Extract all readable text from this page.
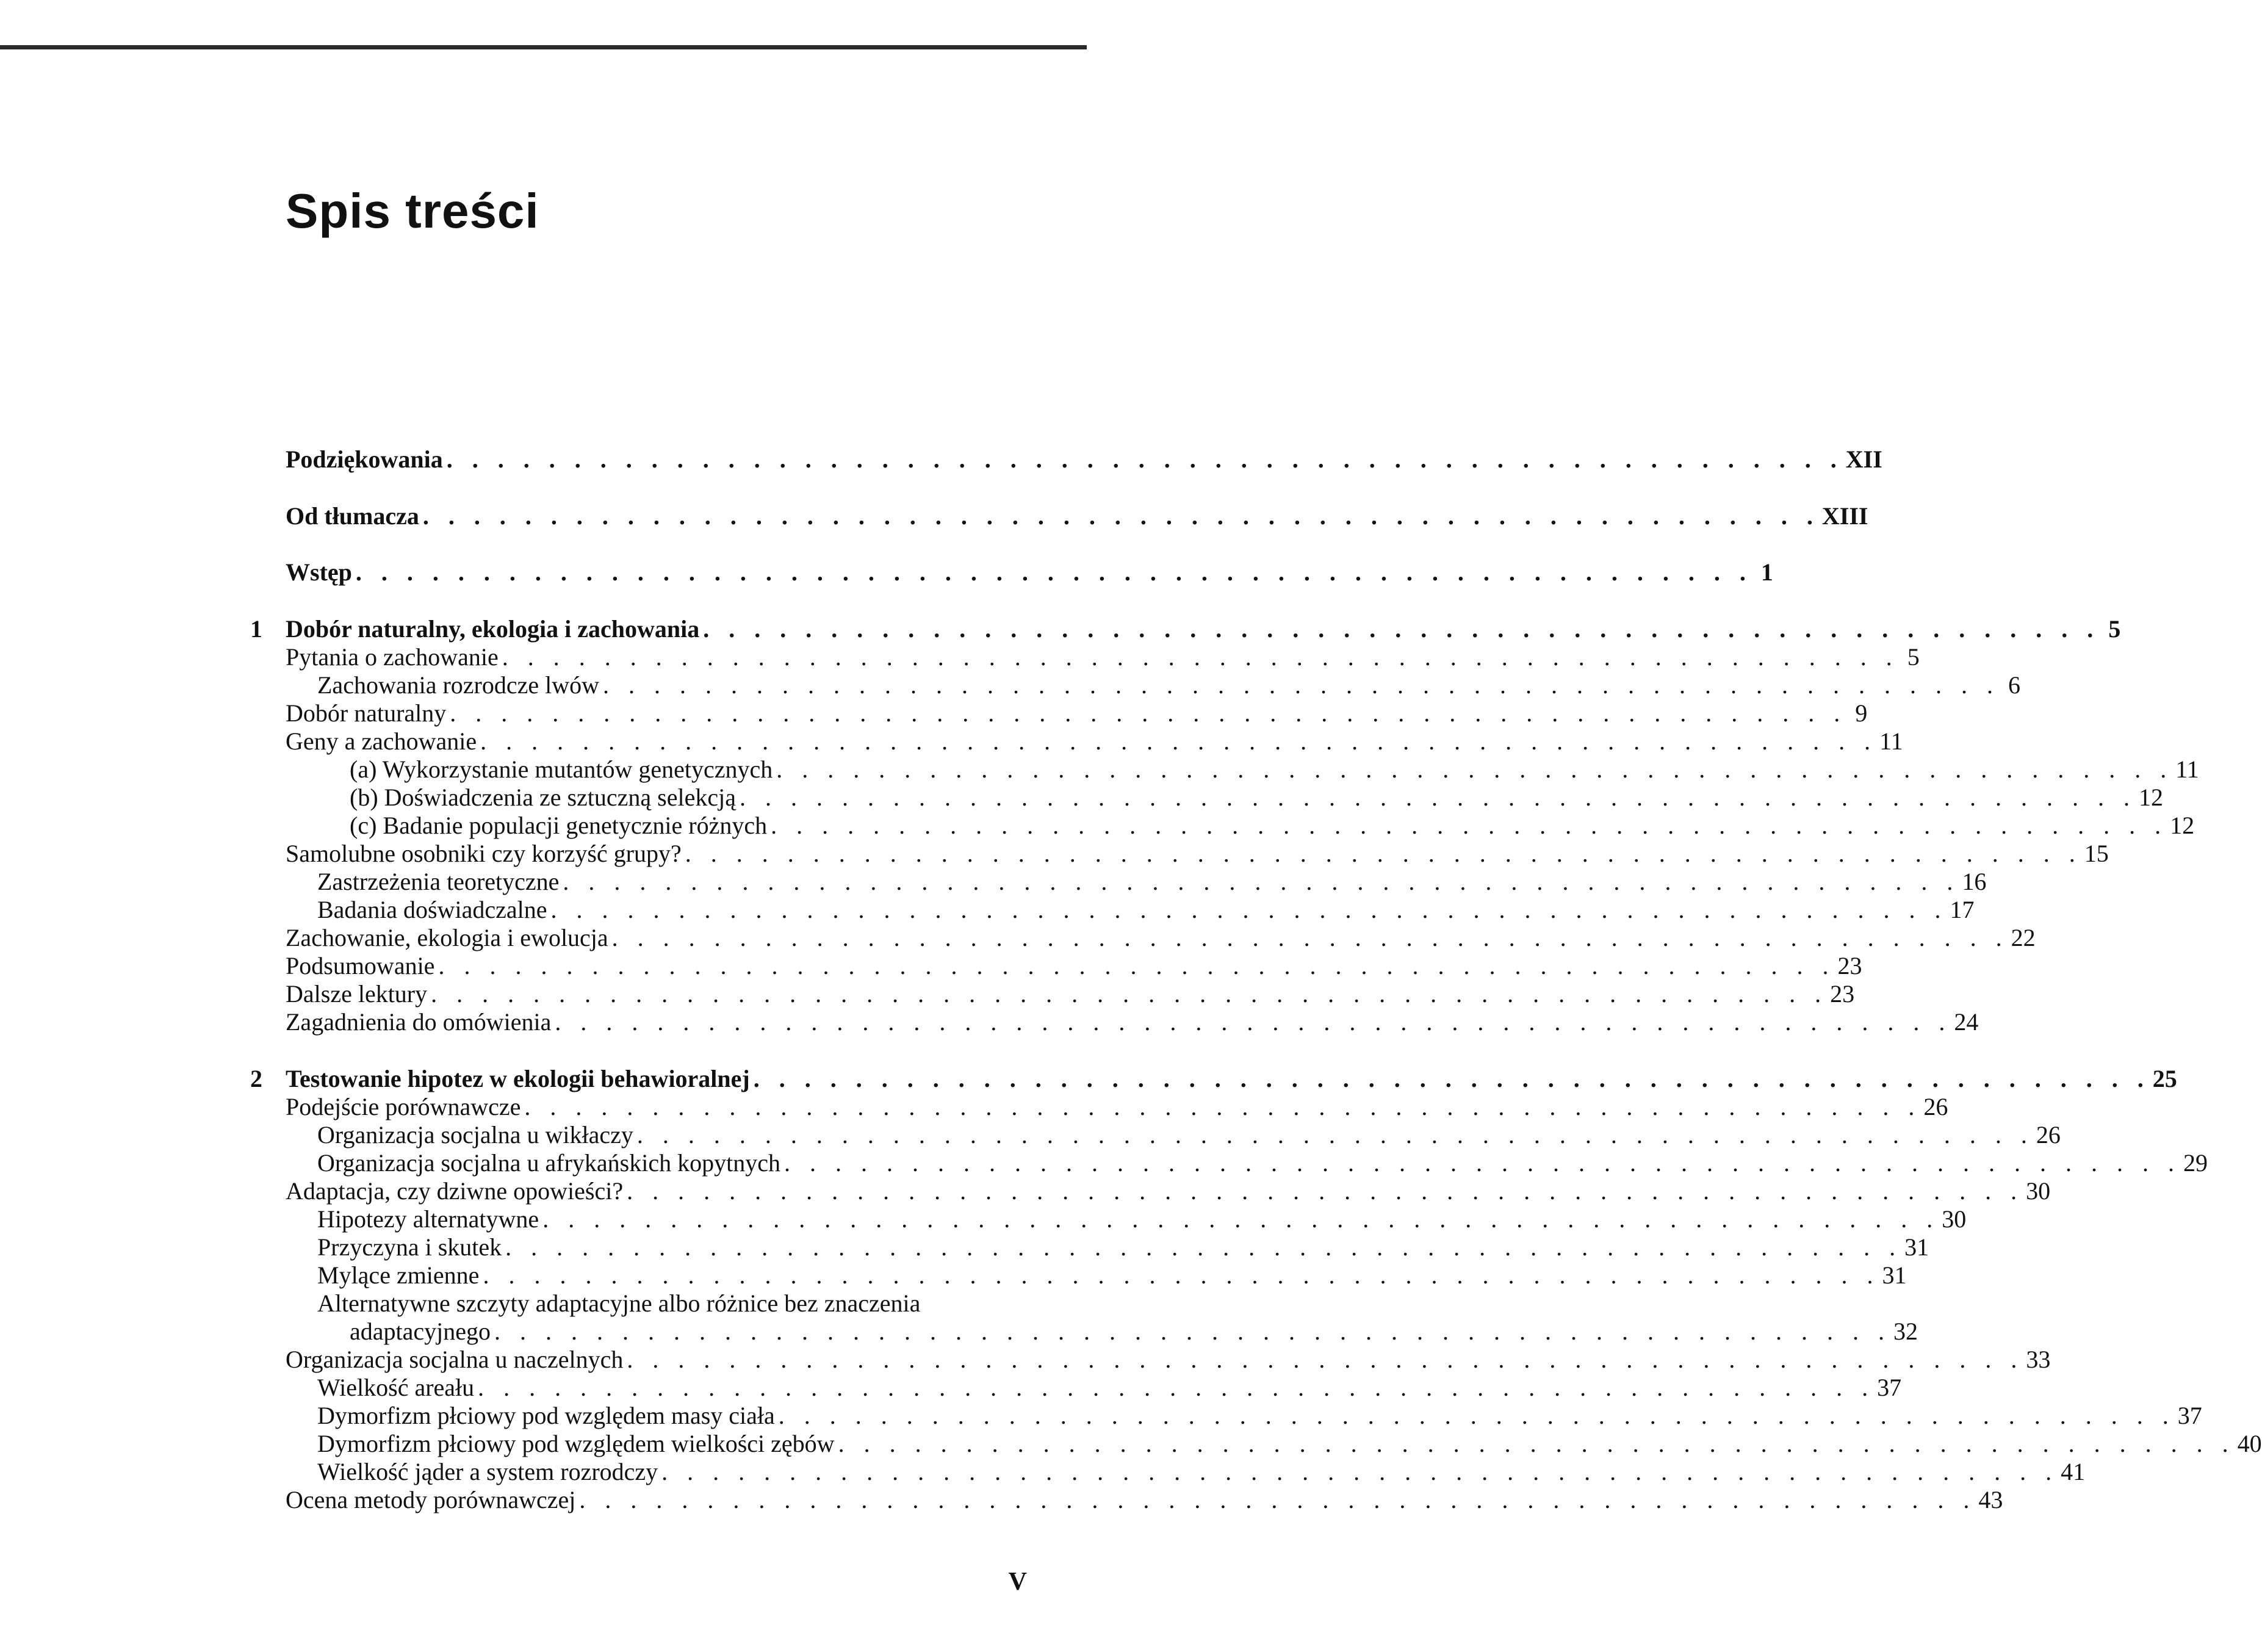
Spis treści
Podziękowania . . . . . . . . . . . . . . . . . . . . . . . . . . . . . . . . . . . . . . . . . . . . . . . . . . . . . . . XII
Od tłumacza . . . . . . . . . . . . . . . . . . . . . . . . . . . . . . . . . . . . . . . . . . . . . . . . . . . . . . . XIII
Wstęp . . . . . . . . . . . . . . . . . . . . . . . . . . . . . . . . . . . . . . . . . . . . . . . . . . . . . . . 1
1 Dobór naturalny, ekologia i zachowania . . . . . . . . . . . . . . . . . . . . . . . . . . . . . . . . . . . . . . . . . . . . . . . . . . . . . . . 5
Pytania o zachowanie . . . . . . . . . . . . . . . . . . . . . . . . . . . . . . . . . . . . . . . . . . . . . . . . . . . . . . . 5
Zachowania rozrodcze lwów . . . . . . . . . . . . . . . . . . . . . . . . . . . . . . . . . . . . . . . . . . . . . . . . . . . . . . . 6
Dobór naturalny . . . . . . . . . . . . . . . . . . . . . . . . . . . . . . . . . . . . . . . . . . . . . . . . . . . . . . . 9
Geny a zachowanie . . . . . . . . . . . . . . . . . . . . . . . . . . . . . . . . . . . . . . . . . . . . . . . . . . . . . . . 11
(a) Wykorzystanie mutantów genetycznych . . . . . . . . . . . . . . . . . . . . . . . . . . . . . . . . . . . . . . . . . . . . . . . . . . . . . . . 11
(b) Doświadczenia ze sztuczną selekcją . . . . . . . . . . . . . . . . . . . . . . . . . . . . . . . . . . . . . . . . . . . . . . . . . . . . . . . 12
(c) Badanie populacji genetycznie różnych . . . . . . . . . . . . . . . . . . . . . . . . . . . . . . . . . . . . . . . . . . . . . . . . . . . . . . . 12
Samolubne osobniki czy korzyść grupy? . . . . . . . . . . . . . . . . . . . . . . . . . . . . . . . . . . . . . . . . . . . . . . . . . . . . . . . 15
Zastrzeżenia teoretyczne . . . . . . . . . . . . . . . . . . . . . . . . . . . . . . . . . . . . . . . . . . . . . . . . . . . . . . . 16
Badania doświadczalne . . . . . . . . . . . . . . . . . . . . . . . . . . . . . . . . . . . . . . . . . . . . . . . . . . . . . . . 17
Zachowanie, ekologia i ewolucja . . . . . . . . . . . . . . . . . . . . . . . . . . . . . . . . . . . . . . . . . . . . . . . . . . . . . . . 22
Podsumowanie . . . . . . . . . . . . . . . . . . . . . . . . . . . . . . . . . . . . . . . . . . . . . . . . . . . . . . . 23
Dalsze lektury . . . . . . . . . . . . . . . . . . . . . . . . . . . . . . . . . . . . . . . . . . . . . . . . . . . . . . . 23
Zagadnienia do omówienia . . . . . . . . . . . . . . . . . . . . . . . . . . . . . . . . . . . . . . . . . . . . . . . . . . . . . . . 24
2 Testowanie hipotez w ekologii behawioralnej . . . . . . . . . . . . . . . . . . . . . . . . . . . . . . . . . . . . . . . . . . . . . . . . . . . . . . . 25
Podejście porównawcze . . . . . . . . . . . . . . . . . . . . . . . . . . . . . . . . . . . . . . . . . . . . . . . . . . . . . . . 26
Organizacja socjalna u wikłaczy . . . . . . . . . . . . . . . . . . . . . . . . . . . . . . . . . . . . . . . . . . . . . . . . . . . . . . . 26
Organizacja socjalna u afrykańskich kopytnych . . . . . . . . . . . . . . . . . . . . . . . . . . . . . . . . . . . . . . . . . . . . . . . . . . . . . . . 29
Adaptacja, czy dziwne opowieści? . . . . . . . . . . . . . . . . . . . . . . . . . . . . . . . . . . . . . . . . . . . . . . . . . . . . . . . 30
Hipotezy alternatywne . . . . . . . . . . . . . . . . . . . . . . . . . . . . . . . . . . . . . . . . . . . . . . . . . . . . . . . 30
Przyczyna i skutek . . . . . . . . . . . . . . . . . . . . . . . . . . . . . . . . . . . . . . . . . . . . . . . . . . . . . . . 31
Mylące zmienne . . . . . . . . . . . . . . . . . . . . . . . . . . . . . . . . . . . . . . . . . . . . . . . . . . . . . . . 31
Alternatywne szczyty adaptacyjne albo różnice bez znaczenia
adaptacyjnego . . . . . . . . . . . . . . . . . . . . . . . . . . . . . . . . . . . . . . . . . . . . . . . . . . . . . . . 32
Organizacja socjalna u naczelnych . . . . . . . . . . . . . . . . . . . . . . . . . . . . . . . . . . . . . . . . . . . . . . . . . . . . . . . 33
Wielkość areału . . . . . . . . . . . . . . . . . . . . . . . . . . . . . . . . . . . . . . . . . . . . . . . . . . . . . . . 37
Dymorfizm płciowy pod względem masy ciała . . . . . . . . . . . . . . . . . . . . . . . . . . . . . . . . . . . . . . . . . . . . . . . . . . . . . . . 37
Dymorfizm płciowy pod względem wielkości zębów . . . . . . . . . . . . . . . . . . . . . . . . . . . . . . . . . . . . . . . . . . . . . . . . . . . . . . . 40
Wielkość jąder a system rozrodczy . . . . . . . . . . . . . . . . . . . . . . . . . . . . . . . . . . . . . . . . . . . . . . . . . . . . . . . 41
Ocena metody porównawczej . . . . . . . . . . . . . . . . . . . . . . . . . . . . . . . . . . . . . . . . . . . . . . . . . . . . . . . 43
V
